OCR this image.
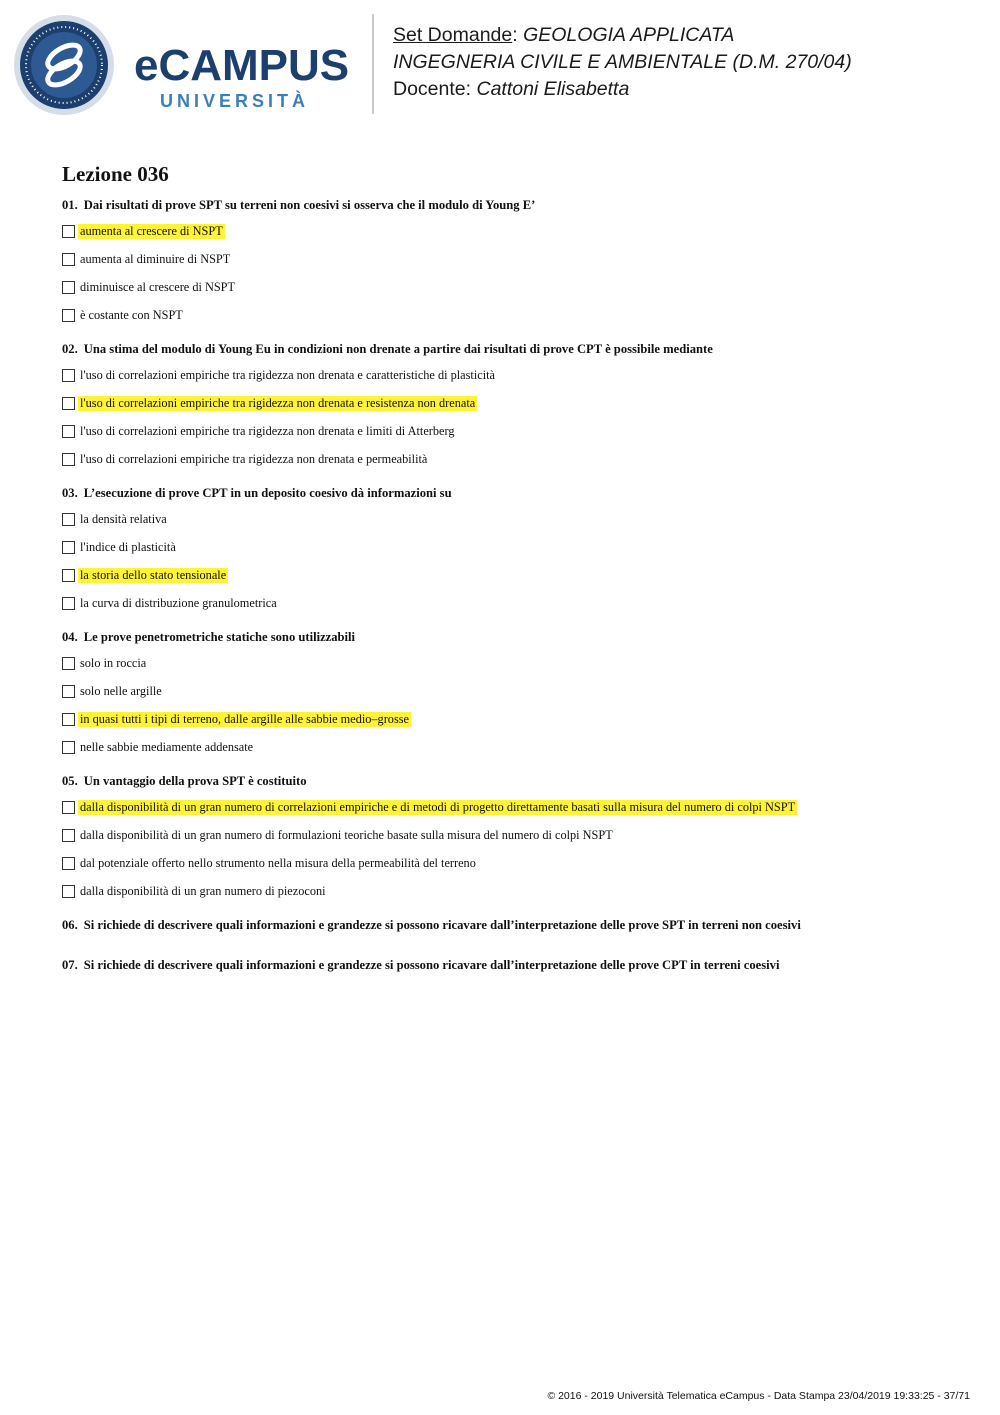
eCAMPUS
UNIVERSITÀ
Set Domande: GEOLOGIA APPLICATA
INGEGNERIA CIVILE E AMBIENTALE (D.M. 270/04)
Docente: Cattoni Elisabetta
Lezione 036
01. Dai risultati di prove SPT su terreni non coesivi si osserva che il modulo di Young E’
aumenta al crescere di NSPT
aumenta al diminuire di NSPT
diminuisce al crescere di NSPT
è costante con NSPT
02. Una stima del modulo di Young Eu in condizioni non drenate a partire dai risultati di prove CPT è possibile mediante
l'uso di correlazioni empiriche tra rigidezza non drenata e caratteristiche di plasticità
l'uso di correlazioni empiriche tra rigidezza non drenata e resistenza non drenata
l'uso di correlazioni empiriche tra rigidezza non drenata e limiti di Atterberg
l'uso di correlazioni empiriche tra rigidezza non drenata e permeabilità
03. L’esecuzione di prove CPT in un deposito coesivo dà informazioni su
la densità relativa
l'indice di plasticità
la storia dello stato tensionale
la curva di distribuzione granulometrica
04. Le prove penetrometriche statiche sono utilizzabili
solo in roccia
solo nelle argille
in quasi tutti i tipi di terreno, dalle argille alle sabbie medio–grosse
nelle sabbie mediamente addensate
05. Un vantaggio della prova SPT è costituito
dalla disponibilità di un gran numero di correlazioni empiriche e di metodi di progetto direttamente basati sulla misura del numero di colpi NSPT
dalla disponibilità di un gran numero di formulazioni teoriche basate sulla misura del numero di colpi NSPT
dal potenziale offerto nello strumento nella misura della permeabilità del terreno
dalla disponibilità di un gran numero di piezoconi
06. Si richiede di descrivere quali informazioni e grandezze si possono ricavare dall’interpretazione delle prove SPT in terreni non coesivi
07. Si richiede di descrivere quali informazioni e grandezze si possono ricavare dall’interpretazione delle prove CPT in terreni coesivi
© 2016 - 2019 Università Telematica eCampus - Data Stampa 23/04/2019 19:33:25 - 37/71
